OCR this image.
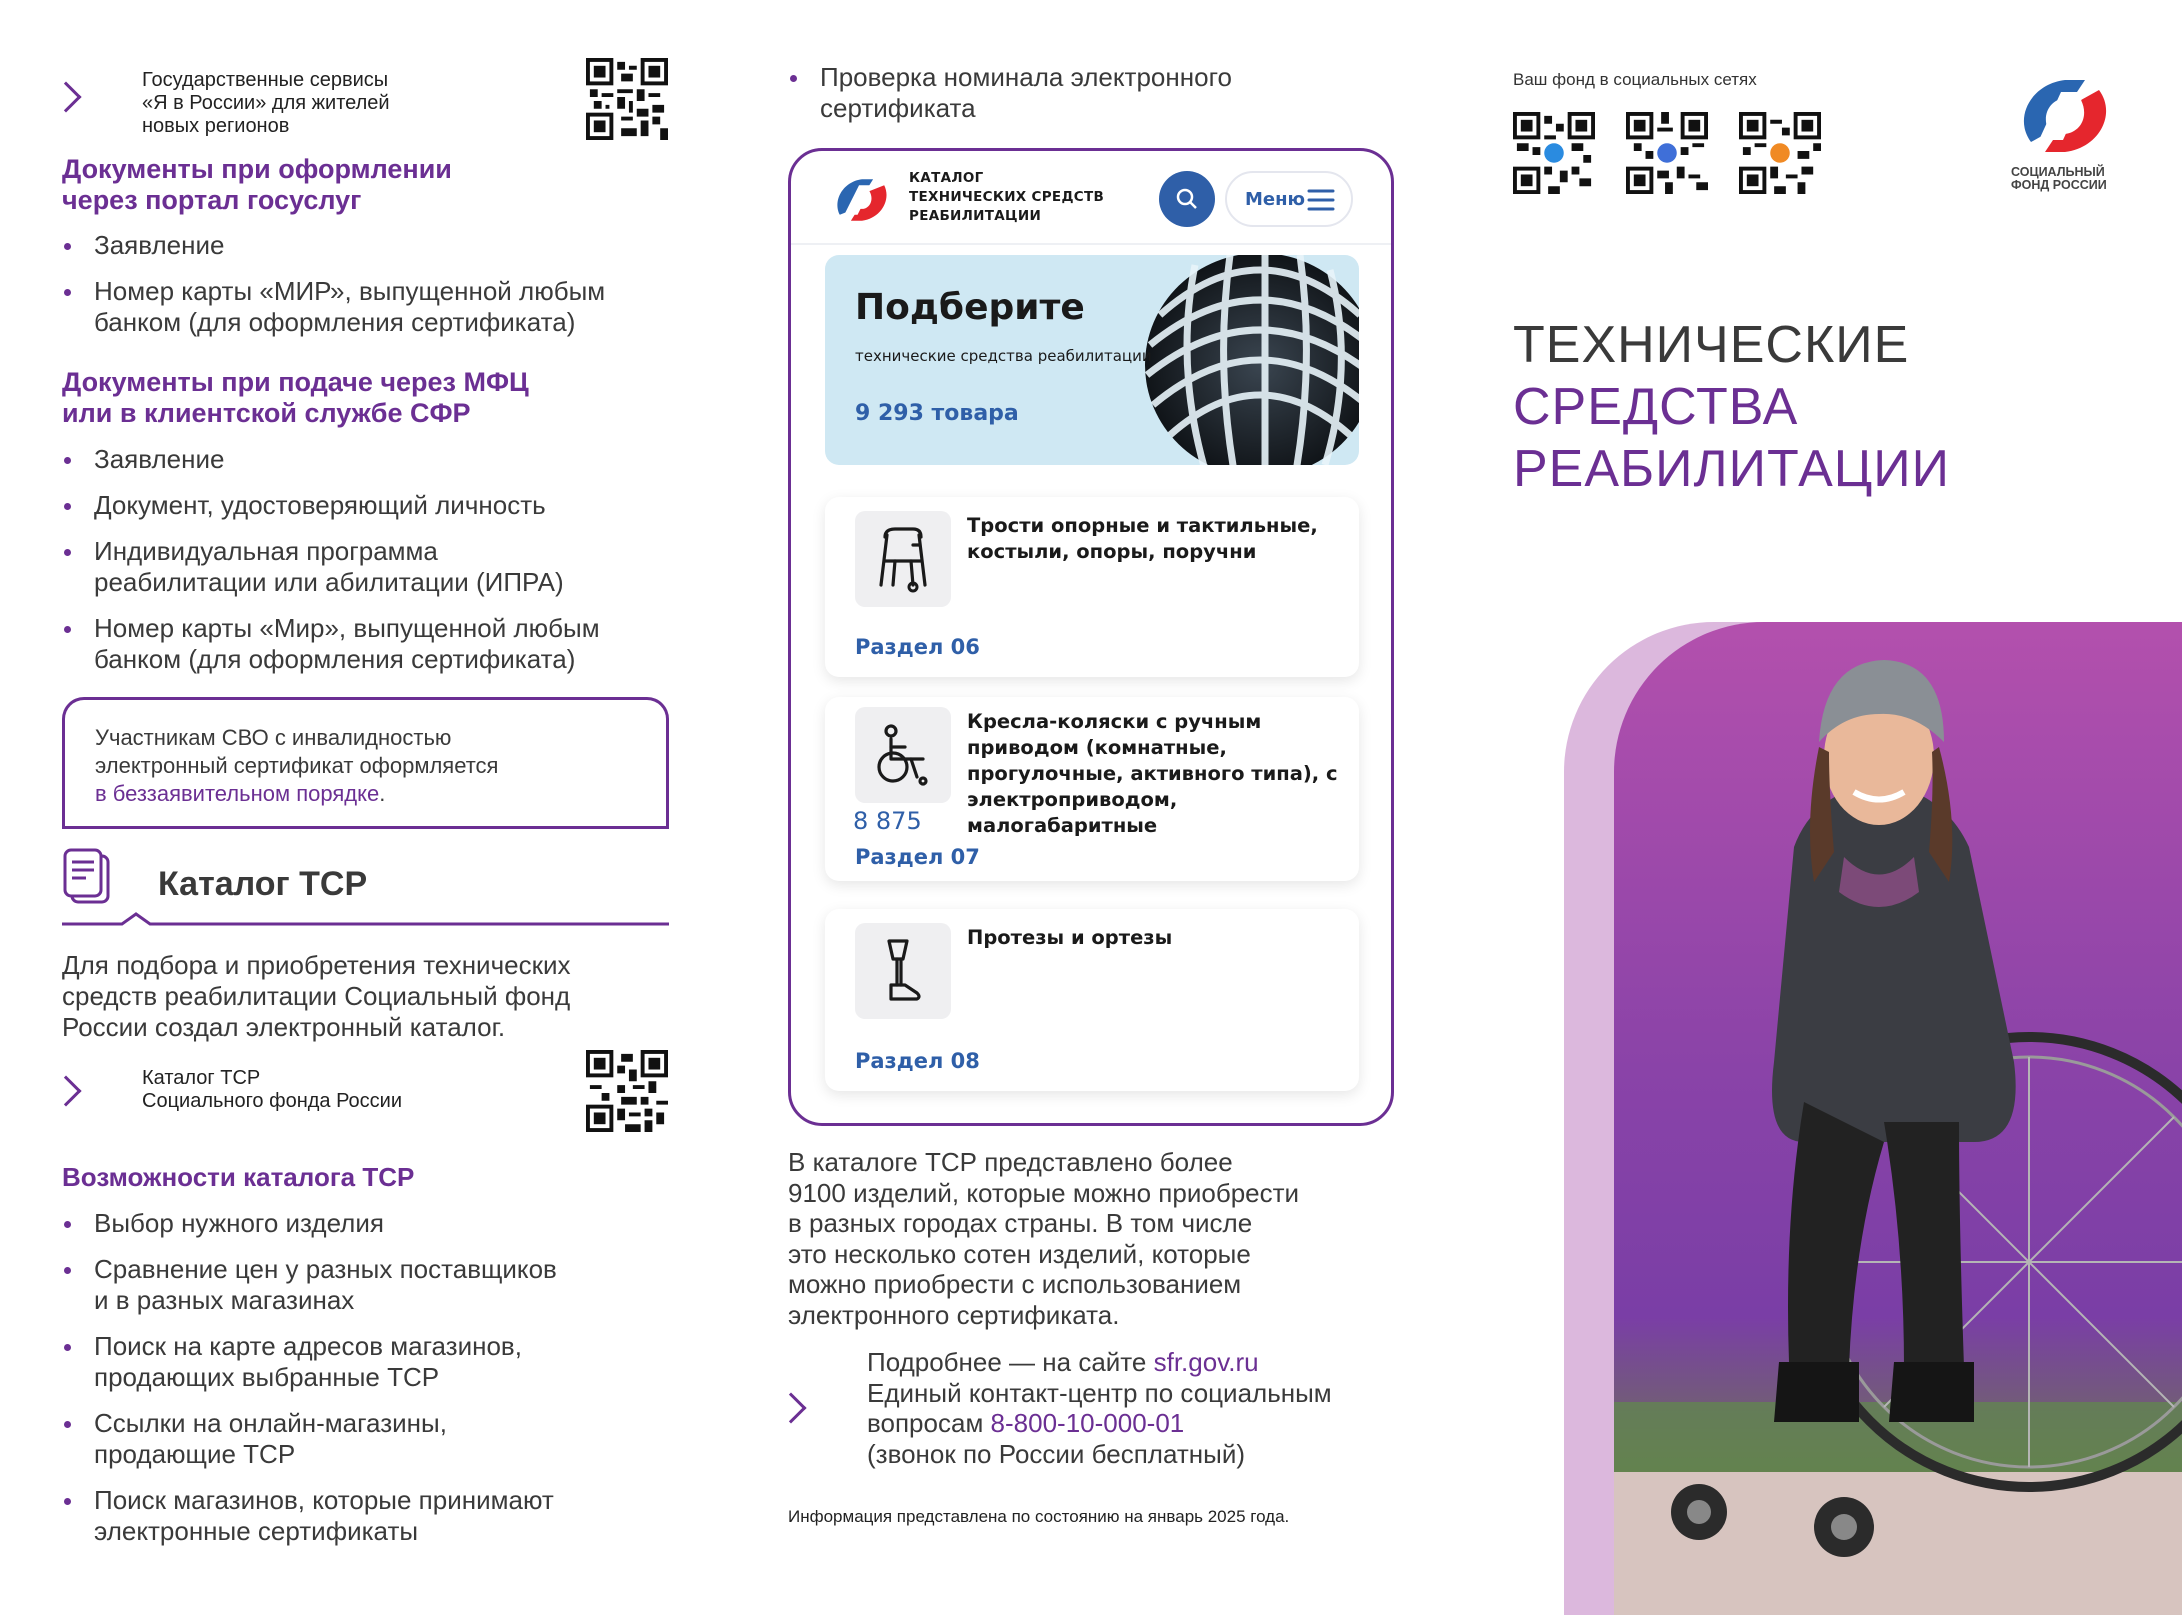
Государственные сервисы
«Я в России» для жителей
новых регионов
Документы при оформлении
через портал госуслуг
Заявление
Номер карты «МИР», выпущенной любым
банком (для оформления сертификата)
Документы при подаче через МФЦ
или в клиентской службе СФР
Заявление
Документ, удостоверяющий личность
Индивидуальная программа
реабилитации или абилитации (ИПРА)
Номер карты «Мир», выпущенной любым
банком (для оформления сертификата)
Участникам СВО с инвалидностью
электронный сертификат оформляется
в беззаявительном порядке.
Каталог ТСР
Для подбора и приобретения технических
средств реабилитации Социальный фонд
России создал электронный каталог.
Каталог ТСР
Социального фонда России
Возможности каталога ТСР
Выбор нужного изделия
Сравнение цен у разных поставщиков
и в разных магазинах
Поиск на карте адресов магазинов,
продающих выбранные ТСР
Ссылки на онлайн-магазины,
продающие ТСР
Поиск магазинов, которые принимают
электронные сертификаты
Проверка номинала электронного
сертификата
КАТАЛОГ
ТЕХНИЧЕСКИХ СРЕДСТВ
РЕАБИЛИТАЦИИ
Меню
Подберите
технические средства реабилитации
9 293 товара
Трости опорные и тактильные,
костыли, опоры, поручни
Раздел 06
8 875
Кресла-коляски с ручным
приводом (комнатные,
прогулочные, активного типа), с
электроприводом,
малогабаритные
Раздел 07
Протезы и ортезы
Раздел 08
В каталоге ТСР представлено более
9100 изделий, которые можно приобрести
в разных городах страны. В том числе
это несколько сотен изделий, которые
можно приобрести с использованием
электронного сертификата.
Подробнее — на сайте sfr.gov.ru
Единый контакт-центр по социальным
вопросам 8-800-10-000-01
(звонок по России бесплатный)
Информация представлена по состоянию на январь 2025 года.
Ваш фонд в социальных сетях
СОЦИАЛЬНЫЙ
ФОНД РОССИИ
ТЕХНИЧЕСКИЕ
СРЕДСТВА
РЕАБИЛИТАЦИИ
